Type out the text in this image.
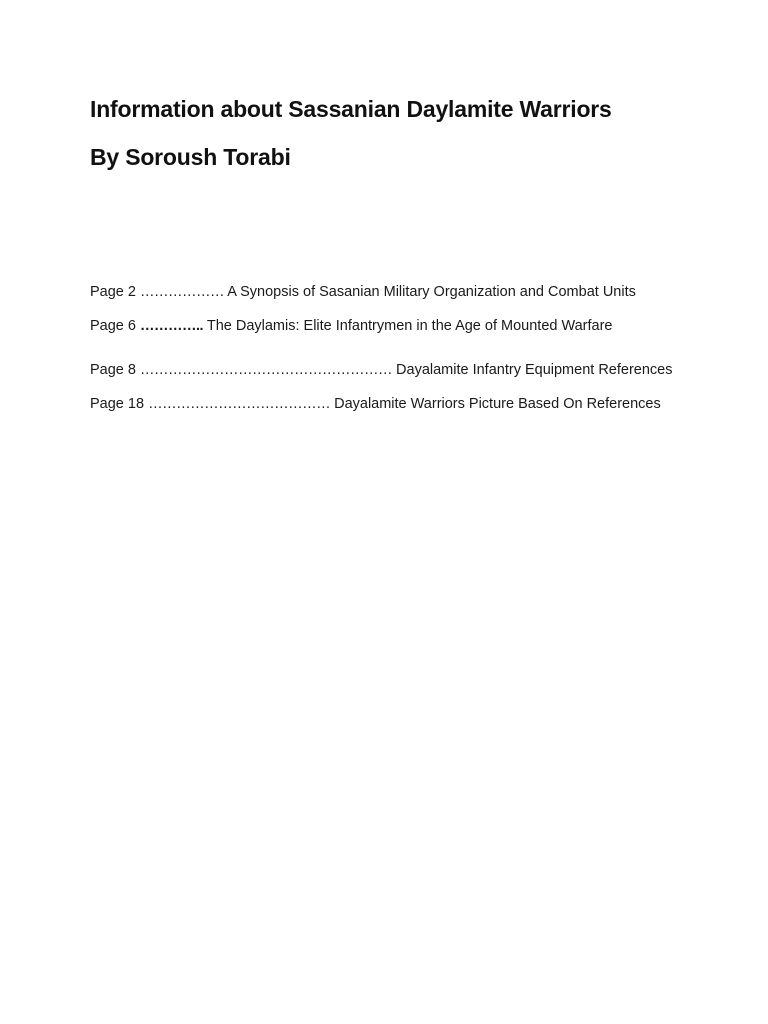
Information about Sassanian Daylamite Warriors
By Soroush Torabi
Page 2 ……………… A Synopsis of Sasanian Military Organization and Combat Units
Page 6 ………….. The Daylamis: Elite Infantrymen in the Age of Mounted Warfare
Page 8 ……………………………………………… Dayalamite Infantry Equipment References
Page 18 ………………………………… Dayalamite Warriors Picture Based On References
